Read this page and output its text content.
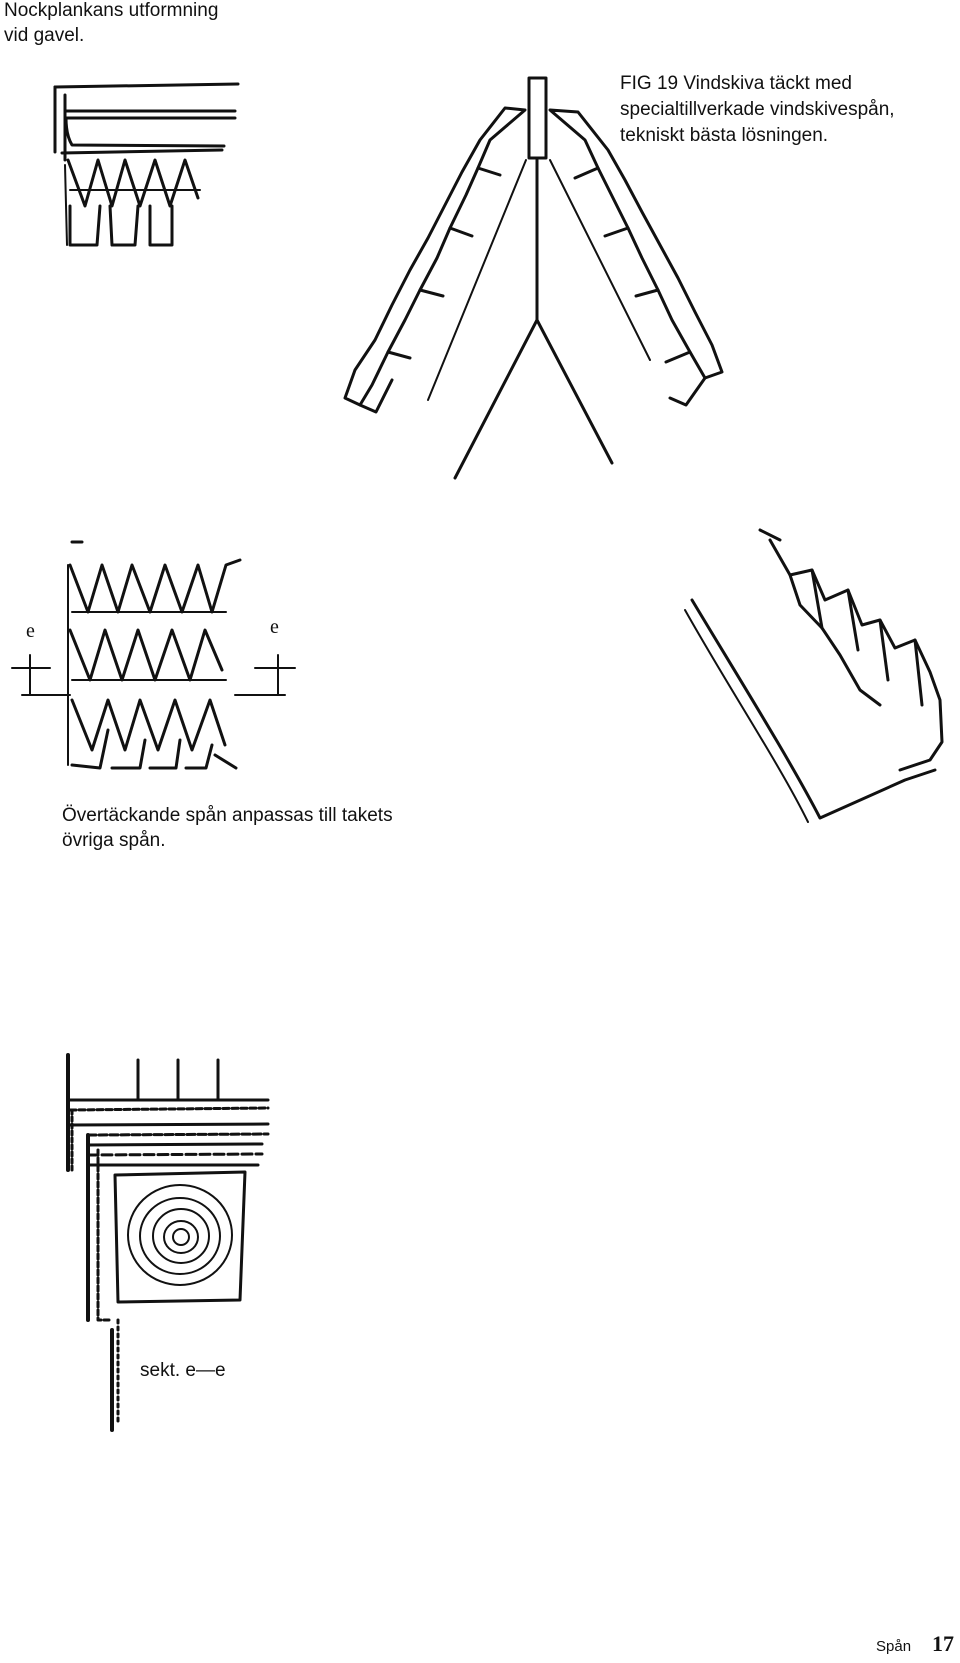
Nockplankans utformning
vid gavel.

FIG 19 Vindskiva täckt med
specialtillverkade vindskivespån,
tekniskt bästa lösningen.

Övertäckande spån anpassas till takets
övriga spån.

sekt. e—e

Spån 17
e	e
